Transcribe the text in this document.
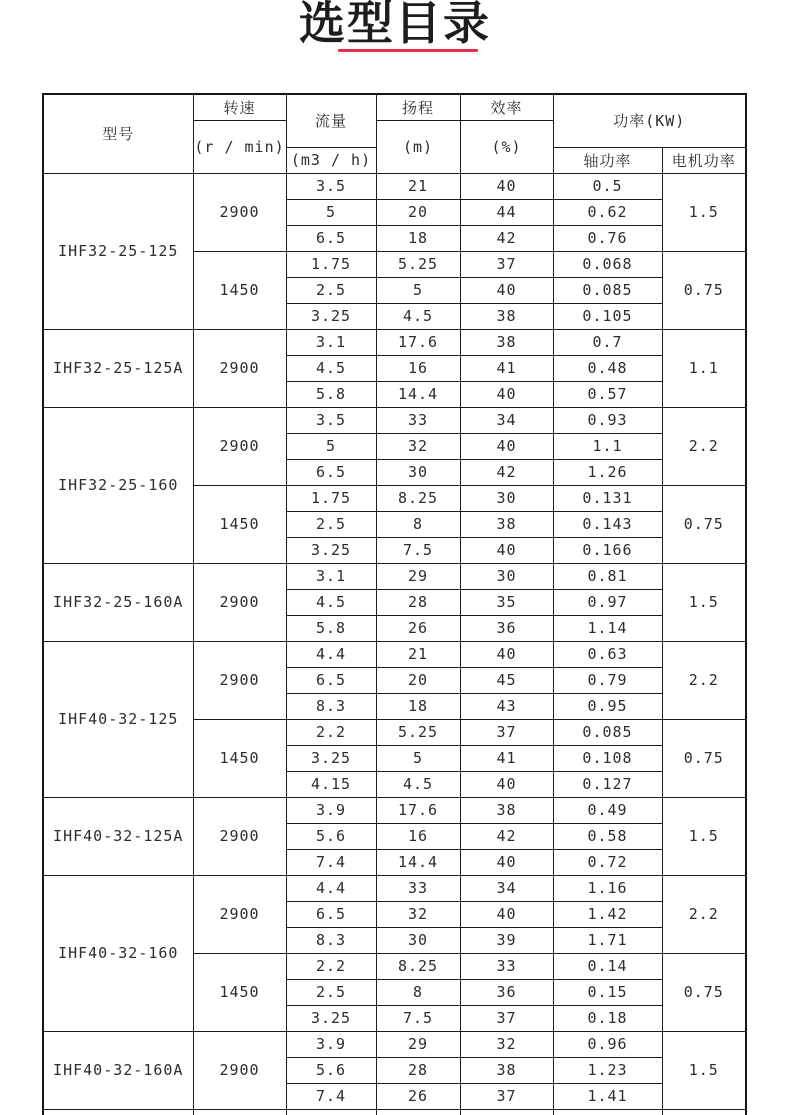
选型目录
型号	转速	流量	扬程	效率	功率(KW)	
	(r / min)		(m)	(%)		
		(m3 / h)			轴功率	电机功率
IHF32-25-125	2900	3.5	21	40	0.5	1.5
		5	20	44	0.62	
		6.5	18	42	0.76	
	1450	1.75	5.25	37	0.068	0.75
		2.5	5	40	0.085	
		3.25	4.5	38	0.105	
IHF32-25-125A	2900	3.1	17.6	38	0.7	1.1
		4.5	16	41	0.48	
		5.8	14.4	40	0.57	
IHF32-25-160	2900	3.5	33	34	0.93	2.2
		5	32	40	1.1	
		6.5	30	42	1.26	
	1450	1.75	8.25	30	0.131	0.75
		2.5	8	38	0.143	
		3.25	7.5	40	0.166	
IHF32-25-160A	2900	3.1	29	30	0.81	1.5
		4.5	28	35	0.97	
		5.8	26	36	1.14	
IHF40-32-125	2900	4.4	21	40	0.63	2.2
		6.5	20	45	0.79	
		8.3	18	43	0.95	
	1450	2.2	5.25	37	0.085	0.75
		3.25	5	41	0.108	
		4.15	4.5	40	0.127	
IHF40-32-125A	2900	3.9	17.6	38	0.49	1.5
		5.6	16	42	0.58	
		7.4	14.4	40	0.72	
IHF40-32-160	2900	4.4	33	34	1.16	2.2
		6.5	32	40	1.42	
		8.3	30	39	1.71	
	1450	2.2	8.25	33	0.14	0.75
		2.5	8	36	0.15	
		3.25	7.5	37	0.18	
IHF40-32-160A	2900	3.9	29	32	0.96	1.5
		5.6	28	38	1.23	
		7.4	26	37	1.41	
